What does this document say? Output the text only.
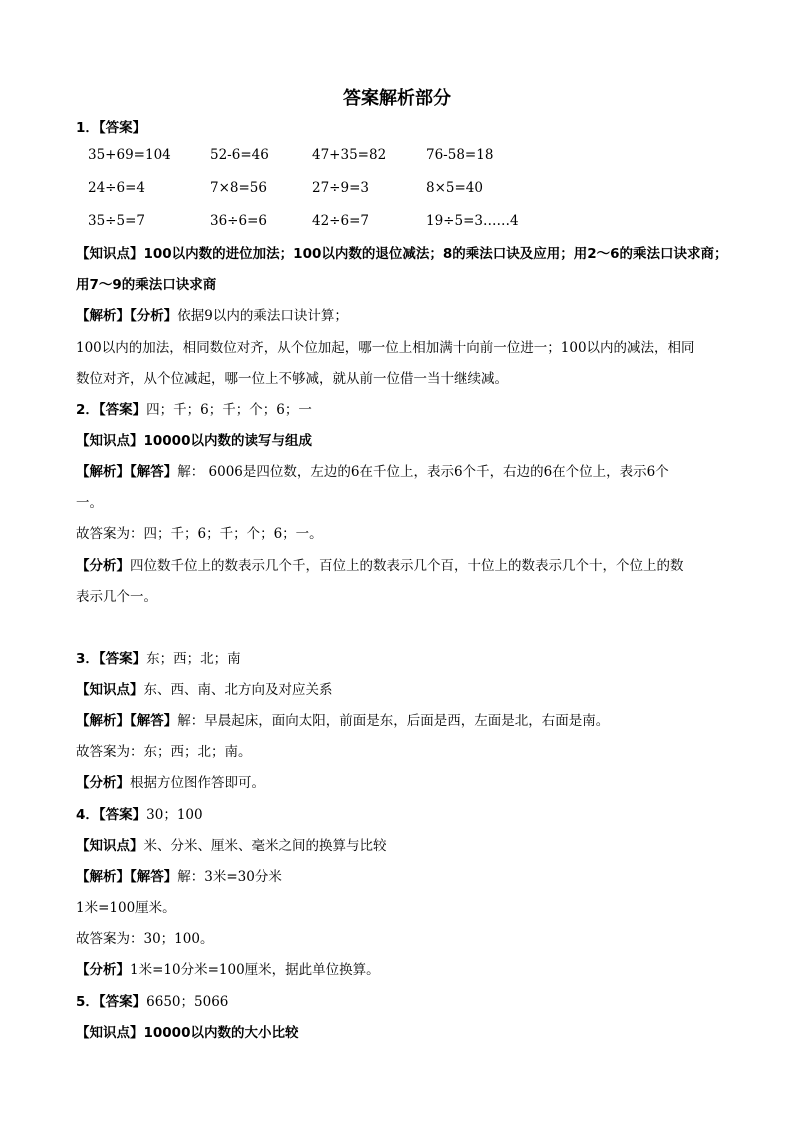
答案解析部分
1．【答案】
35+69=104	52-6=46	47+35=82	76-58=18
24÷6=4	7×8=56	27÷9=3	8×5=40
35÷5=7	36÷6=6	42÷6=7	19÷5=3……4
【知识点】100以内数的进位加法；100以内数的退位减法；8的乘法口诀及应用；用2～6的乘法口诀求商；
用7～9的乘法口诀求商
【解析】【分析】依据9以内的乘法口诀计算；
100以内的加法，相同数位对齐，从个位加起，哪一位上相加满十向前一位进一；100以内的减法，相同
数位对齐，从个位减起，哪一位上不够减，就从前一位借一当十继续减。
2．【答案】四；千；6；千；个；6；一
【知识点】10000以内数的读写与组成
【解析】【解答】解： 6006是四位数，左边的6在千位上，表示6个千，右边的6在个位上，表示6个
一。
故答案为：四；千；6；千；个；6；一。
【分析】四位数千位上的数表示几个千，百位上的数表示几个百，十位上的数表示几个十，个位上的数
表示几个一。
3．【答案】东；西；北；南
【知识点】东、西、南、北方向及对应关系
【解析】【解答】解：早晨起床，面向太阳，前面是东，后面是西，左面是北，右面是南。
故答案为：东；西；北；南。
【分析】根据方位图作答即可。
4．【答案】30；100
【知识点】米、分米、厘米、毫米之间的换算与比较
【解析】【解答】解：3米=30分米
1米=100厘米。
故答案为：30；100。
【分析】1米=10分米=100厘米，据此单位换算。
5．【答案】6650；5066
【知识点】10000以内数的大小比较
